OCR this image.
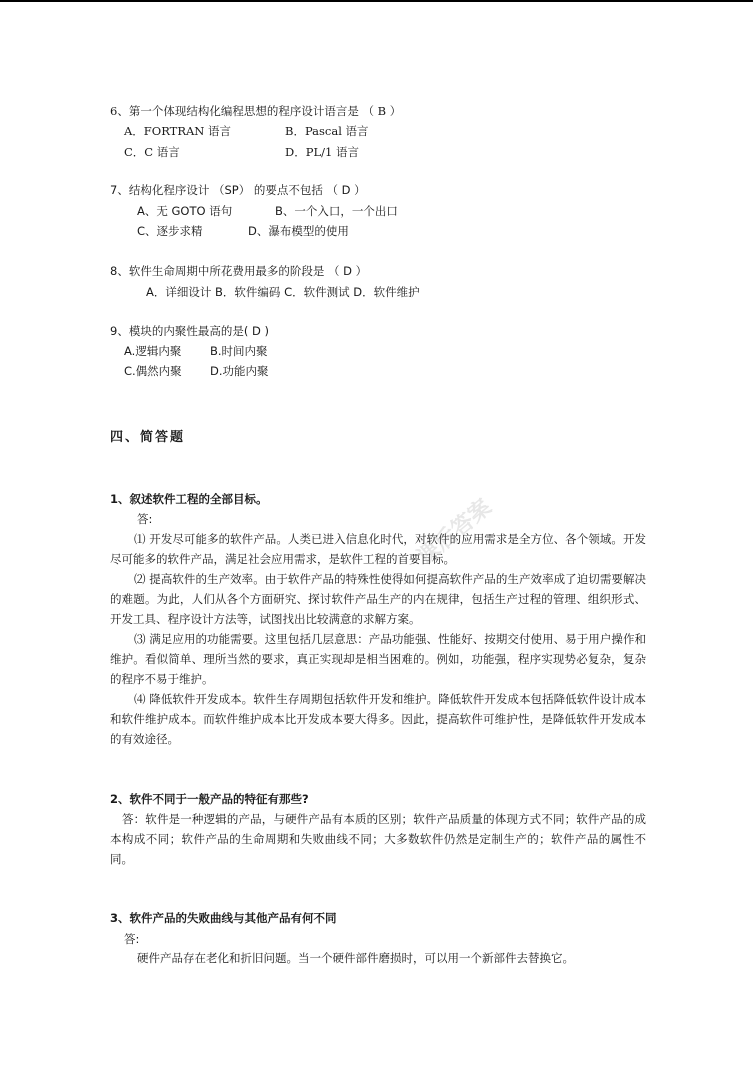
6、第一个体现结构化编程思想的程序设计语言是 （ B ）
A．FORTRAN 语言	B．Pascal 语言
C．C 语言	D．PL/1 语言
7、结构化程序设计 （SP） 的要点不包括 （ D ）
A、无 GOTO 语句	B、一个入口，一个出口
C、逐步求精	D、瀑布模型的使用
8、软件生命周期中所花费用最多的阶段是 （ D ）
A．详细设计 B．软件编码 C．软件测试 D．软件维护
9、模块的内聚性最高的是( D )
A.逻辑内聚 B.时间内聚
C.偶然内聚 D.功能内聚
四、简答题
1、叙述软件工程的全部目标。
答:

⑴ 开发尽可能多的软件产品。人类已进入信息化时代，对软件的应用需求是全方位、各个领域。开发尽可能多的软件产品，满足社会应用需求，是软件工程的首要目标。

⑵ 提高软件的生产效率。由于软件产品的特殊性使得如何提高软件产品的生产效率成了迫切需要解决的难题。为此，人们从各个方面研究、探讨软件产品生产的内在规律，包括生产过程的管理、组织形式、开发工具、程序设计方法等，试图找出比较满意的求解方案。

⑶ 满足应用的功能需要。这里包括几层意思：产品功能强、性能好、按期交付使用、易于用户操作和维护。看似简单、理所当然的要求，真正实现却是相当困难的。例如，功能强，程序实现势必复杂，复杂的程序不易于维护。

⑷ 降低软件开发成本。软件生存周期包括软件开发和维护。降低软件开发成本包括降低软件设计成本和软件维护成本。而软件维护成本比开发成本要大得多。因此，提高软件可维护性，是降低软件开发成本的有效途径。

2、软件不同于一般产品的特征有那些?

答：软件是一种逻辑的产品，与硬件产品有本质的区别；软件产品质量的体现方式不同；软件产品的成本构成不同；软件产品的生命周期和失败曲线不同；大多数软件仍然是定制生产的；软件产品的属性不同。

3、软件产品的失败曲线与其他产品有何不同
答:
硬件产品存在老化和折旧问题。当一个硬件部件磨损时，可以用一个新部件去替换它。
课后答案
